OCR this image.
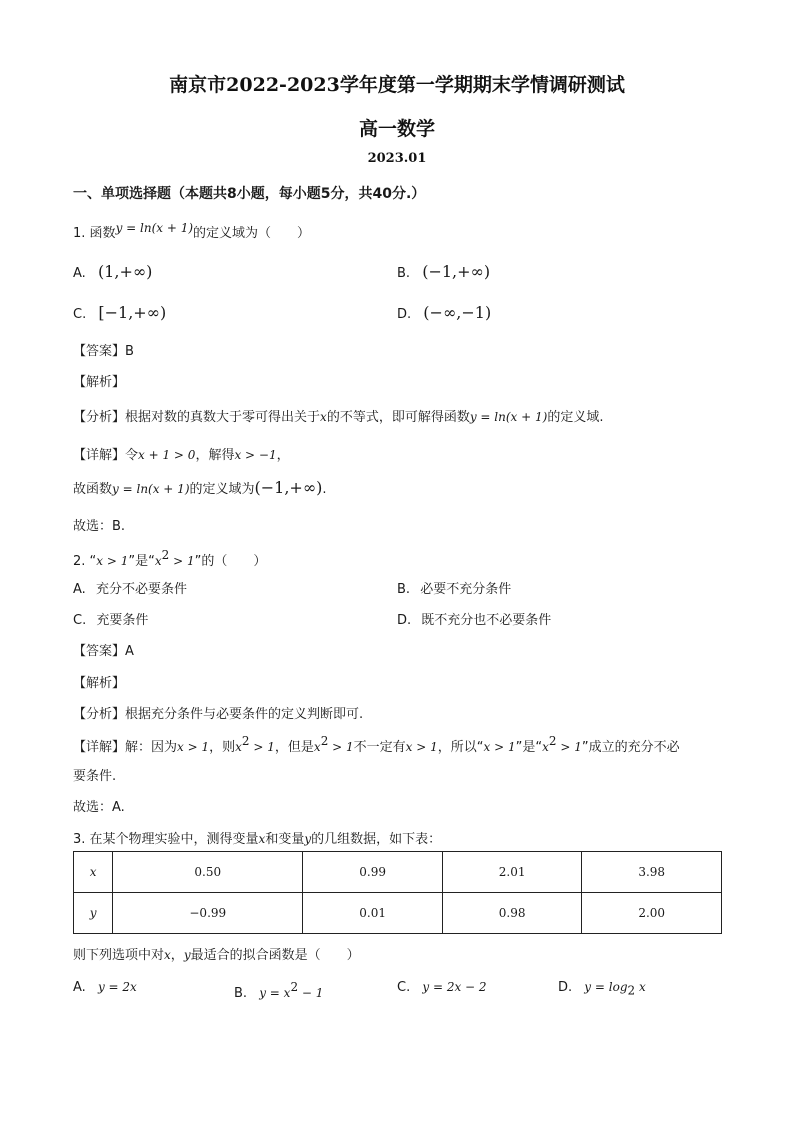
南京市2022-2023学年度第一学期期末学情调研测试
高一数学
2023.01
一、单项选择题（本题共8小题，每小题5分，共40分.）
1. 函数y = ln(x + 1)的定义域为（　　）
A. (1,+∞)	B. (−1,+∞)
C. [−1,+∞)	D. (−∞,−1)
【答案】B
【解析】
【分析】根据对数的真数大于零可得出关于x的不等式，即可解得函数y = ln(x + 1)的定义域.
【详解】令x + 1 > 0，解得x > −1，
故函数y = ln(x + 1)的定义域为(−1,+∞).
故选：B.
2. “x > 1”是“$x^2 > 1$”的（　　）
A. 充分不必要条件	B. 必要不充分条件
C. 充要条件	D. 既不充分也不必要条件
【答案】A
【解析】
【分析】根据充分条件与必要条件的定义判断即可.
【详解】解：因为x > 1，则$x^2 > 1$，但是$x^2 > 1$不一定有x > 1，所以“x > 1”是“$x^2 > 1$”成立的充分不必
要条件.
故选：A.
3. 在某个物理实验中，测得变量x和变量y的几组数据，如下表：
x	0.50	0.99	2.01	3.98
y	−0.99	0.01	0.98	2.00
则下列选项中对x，y最适合的拟合函数是（　　）
A. y = 2x	B. $y = x^2 - 1$	C. y = 2x − 2	D. $y = \log_2 x$
